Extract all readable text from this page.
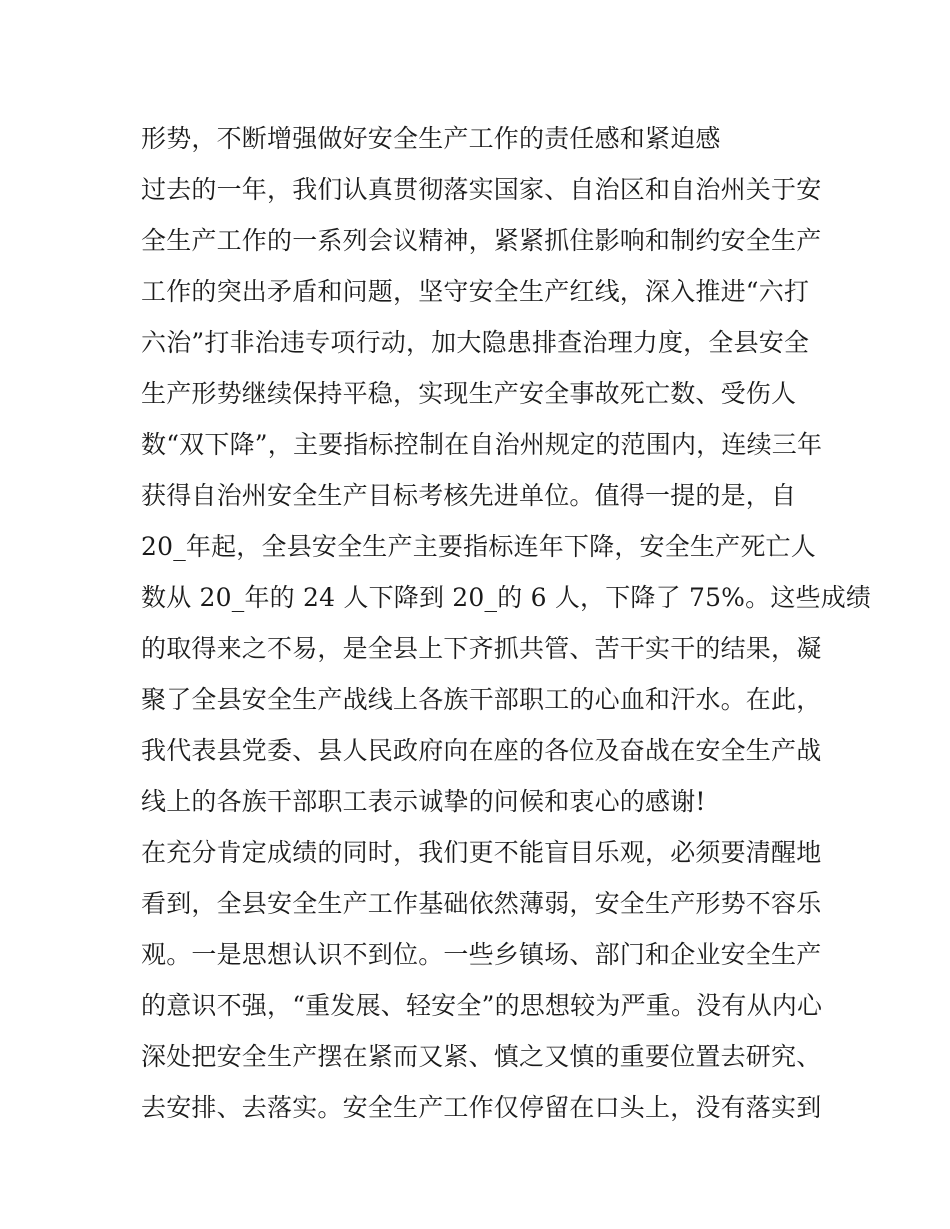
形势，不断增强做好安全生产工作的责任感和紧迫感
过去的一年，我们认真贯彻落实国家、自治区和自治州关于安
全生产工作的一系列会议精神，紧紧抓住影响和制约安全生产
工作的突出矛盾和问题，坚守安全生产红线，深入推进“六打
六治”打非治违专项行动，加大隐患排查治理力度，全县安全
生产形势继续保持平稳，实现生产安全事故死亡数、受伤人
数“双下降”，主要指标控制在自治州规定的范围内，连续三年
获得自治州安全生产目标考核先进单位。值得一提的是，自
20_年起，全县安全生产主要指标连年下降，安全生产死亡人
数从 20_年的 24 人下降到 20_的 6 人，下降了 75%。这些成绩
的取得来之不易，是全县上下齐抓共管、苦干实干的结果，凝
聚了全县安全生产战线上各族干部职工的心血和汗水。在此，
我代表县党委、县人民政府向在座的各位及奋战在安全生产战
线上的各族干部职工表示诚挚的问候和衷心的感谢!
在充分肯定成绩的同时，我们更不能盲目乐观，必须要清醒地
看到，全县安全生产工作基础依然薄弱，安全生产形势不容乐
观。一是思想认识不到位。一些乡镇场、部门和企业安全生产
的意识不强，“重发展、轻安全”的思想较为严重。没有从内心
深处把安全生产摆在紧而又紧、慎之又慎的重要位置去研究、
去安排、去落实。安全生产工作仅停留在口头上，没有落实到
